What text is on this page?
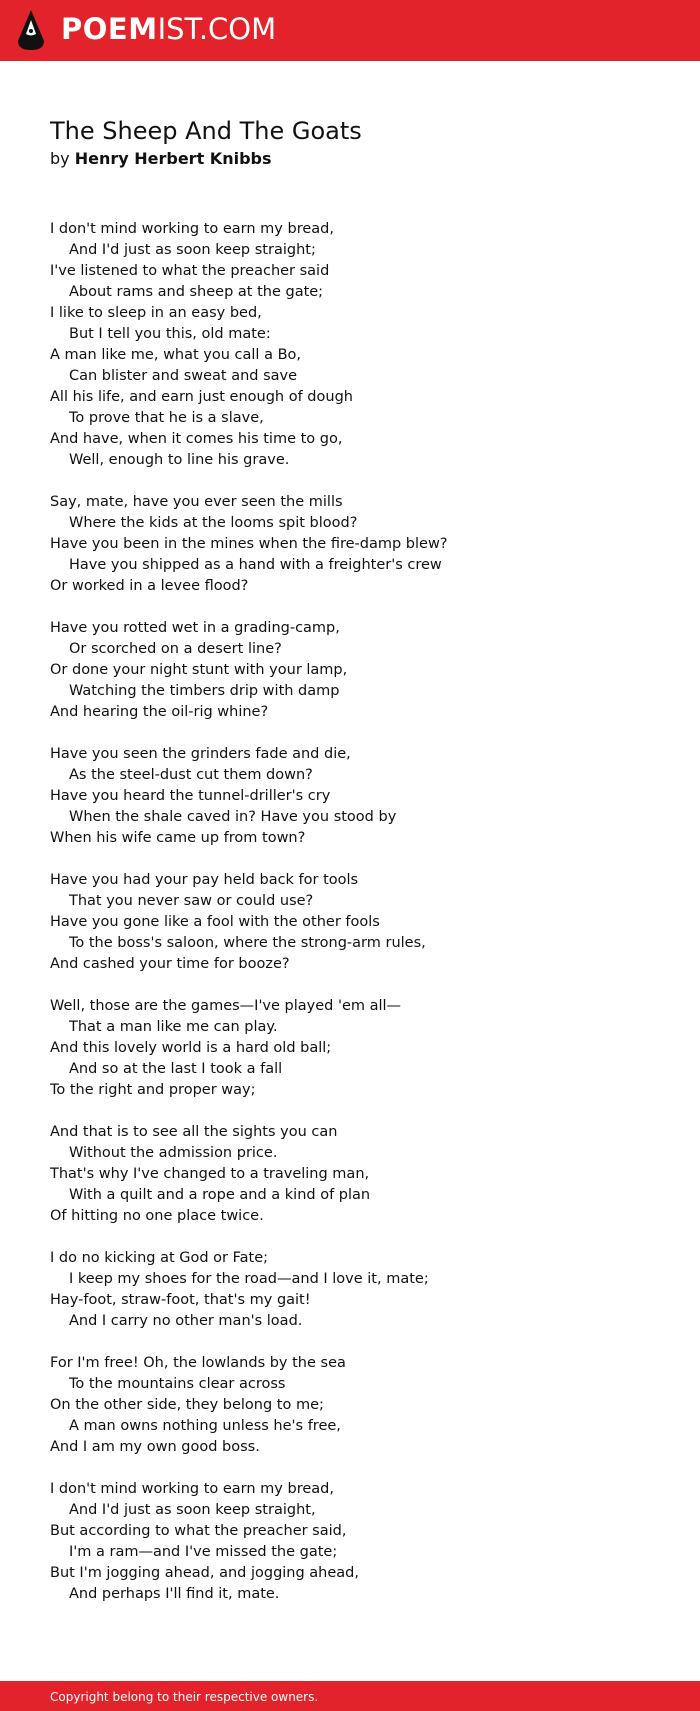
POEMIST.COM
The Sheep And The Goats
by Henry Herbert Knibbs
I don't mind working to earn my bread,
And I'd just as soon keep straight;
I've listened to what the preacher said
About rams and sheep at the gate;
I like to sleep in an easy bed,
But I tell you this, old mate:
A man like me, what you call a Bo,
Can blister and sweat and save
All his life, and earn just enough of dough
To prove that he is a slave,
And have, when it comes his time to go,
Well, enough to line his grave.
Say, mate, have you ever seen the mills
Where the kids at the looms spit blood?
Have you been in the mines when the fire-damp blew?
Have you shipped as a hand with a freighter's crew
Or worked in a levee flood?
Have you rotted wet in a grading-camp,
Or scorched on a desert line?
Or done your night stunt with your lamp,
Watching the timbers drip with damp
And hearing the oil-rig whine?
Have you seen the grinders fade and die,
As the steel-dust cut them down?
Have you heard the tunnel-driller's cry
When the shale caved in? Have you stood by
When his wife came up from town?
Have you had your pay held back for tools
That you never saw or could use?
Have you gone like a fool with the other fools
To the boss's saloon, where the strong-arm rules,
And cashed your time for booze?
Well, those are the games—I've played 'em all—
That a man like me can play.
And this lovely world is a hard old ball;
And so at the last I took a fall
To the right and proper way;
And that is to see all the sights you can
Without the admission price.
That's why I've changed to a traveling man,
With a quilt and a rope and a kind of plan
Of hitting no one place twice.
I do no kicking at God or Fate;
I keep my shoes for the road—and I love it, mate;
Hay-foot, straw-foot, that's my gait!
And I carry no other man's load.
For I'm free! Oh, the lowlands by the sea
To the mountains clear across
On the other side, they belong to me;
A man owns nothing unless he's free,
And I am my own good boss.
I don't mind working to earn my bread,
And I'd just as soon keep straight,
But according to what the preacher said,
I'm a ram—and I've missed the gate;
But I'm jogging ahead, and jogging ahead,
And perhaps I'll find it, mate.
Copyright belong to their respective owners.
